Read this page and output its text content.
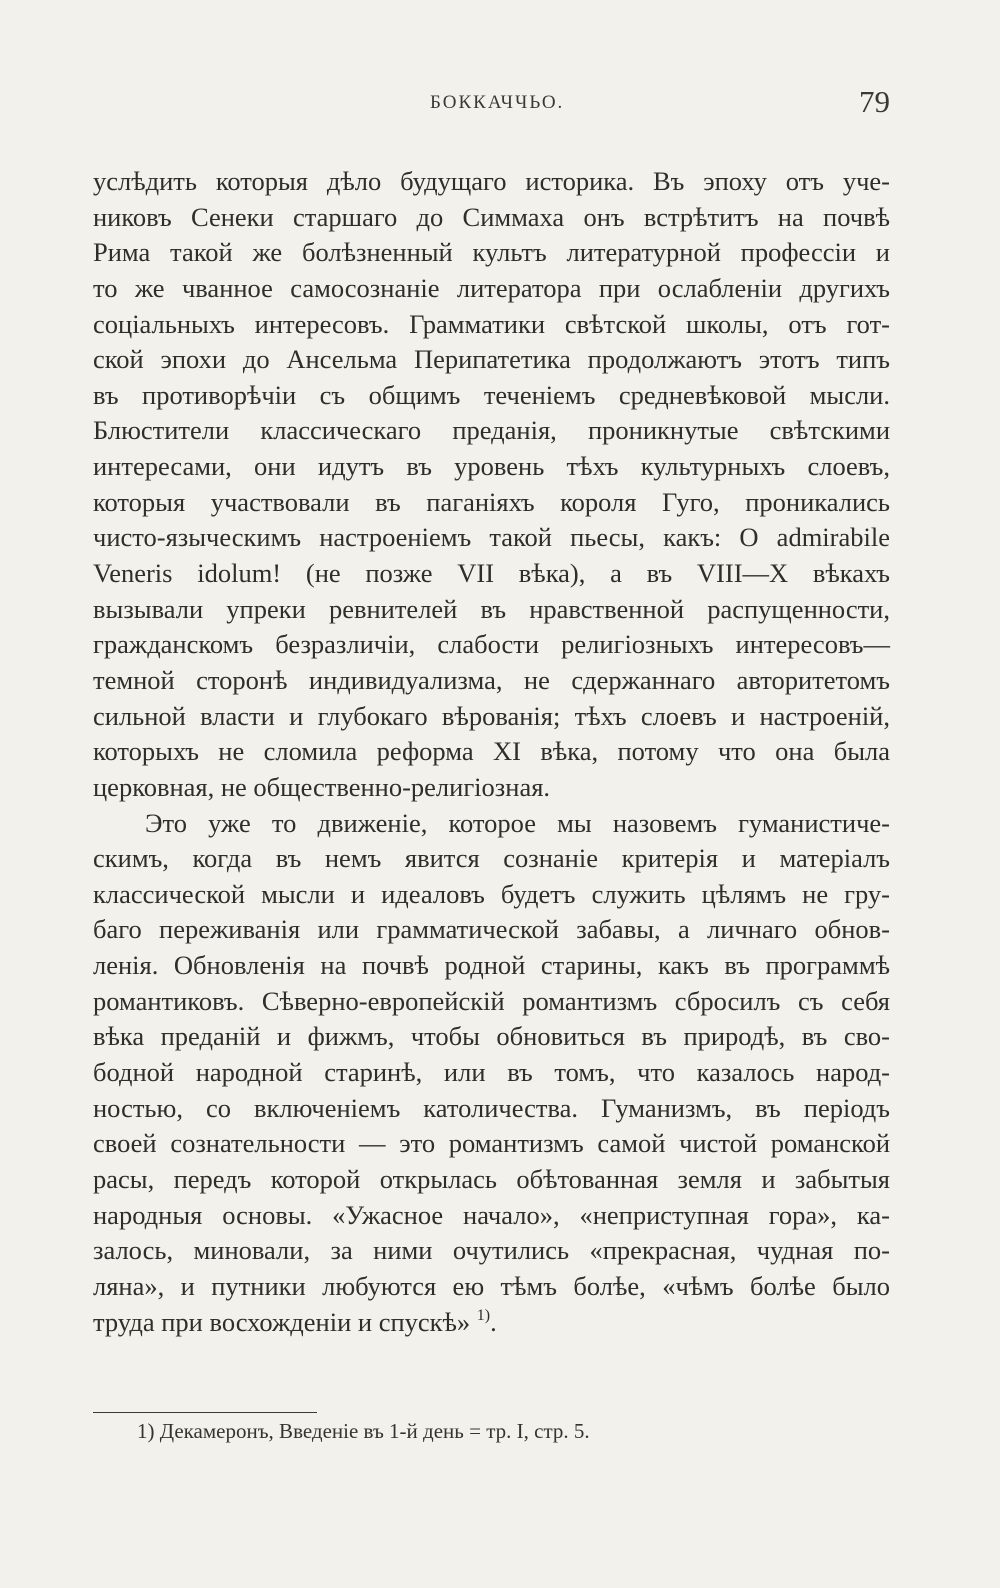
БОККАЧЧЬО.	79
услѣдить которыя дѣло будущаго историка. Въ эпоху отъ уче-
никовъ Сенеки старшаго до Симмаха онъ встрѣтитъ на почвѣ
Рима такой же болѣзненный культъ литературной профессіи и
то же чванное самосознаніе литератора при ослабленіи другихъ
соціальныхъ интересовъ. Грамматики свѣтской школы, отъ гот-
ской эпохи до Ансельма Перипатетика продолжаютъ этотъ типъ
въ противорѣчіи съ общимъ теченіемъ средневѣковой мысли.
Блюстители классическаго преданія, проникнутые свѣтскими
интересами, они идутъ въ уровень тѣхъ культурныхъ слоевъ,
которыя участвовали въ паганіяхъ короля Гуго, проникались
чисто-языческимъ настроеніемъ такой пьесы, какъ: O admirabile
Veneris idolum! (не позже VII вѣка), а въ VIII—X вѣкахъ
вызывали упреки ревнителей въ нравственной распущенности,
гражданскомъ безразличіи, слабости религіозныхъ интересовъ—
темной сторонѣ индивидуализма, не сдержаннаго авторитетомъ
сильной власти и глубокаго вѣрованія; тѣхъ слоевъ и настроеній,
которыхъ не сломила реформа XI вѣка, потому что она была
церковная, не общественно-религіозная.
Это уже то движеніе, которое мы назовемъ гуманистиче-
скимъ, когда въ немъ явится сознаніе критерія и матеріалъ
классической мысли и идеаловъ будетъ служить цѣлямъ не гру-
баго переживанія или грамматической забавы, а личнаго обнов-
ленія. Обновленія на почвѣ родной старины, какъ въ программѣ
романтиковъ. Сѣверно-европейскій романтизмъ сбросилъ съ себя
вѣка преданій и фижмъ, чтобы обновиться въ природѣ, въ сво-
бодной народной старинѣ, или въ томъ, что казалось народ-
ностью, со включеніемъ католичества. Гуманизмъ, въ періодъ
своей сознательности — это романтизмъ самой чистой романской
расы, передъ которой открылась обѣтованная земля и забытыя
народныя основы. «Ужасное начало», «неприступная гора», ка-
залось, миновали, за ними очутились «прекрасная, чудная по-
ляна», и путники любуются ею тѣмъ болѣе, «чѣмъ болѣе было
труда при восхожденіи и спускѣ» $^{1)}$.
1) Декамеронъ, Введеніе въ 1-й день = тр. I, стр. 5.
